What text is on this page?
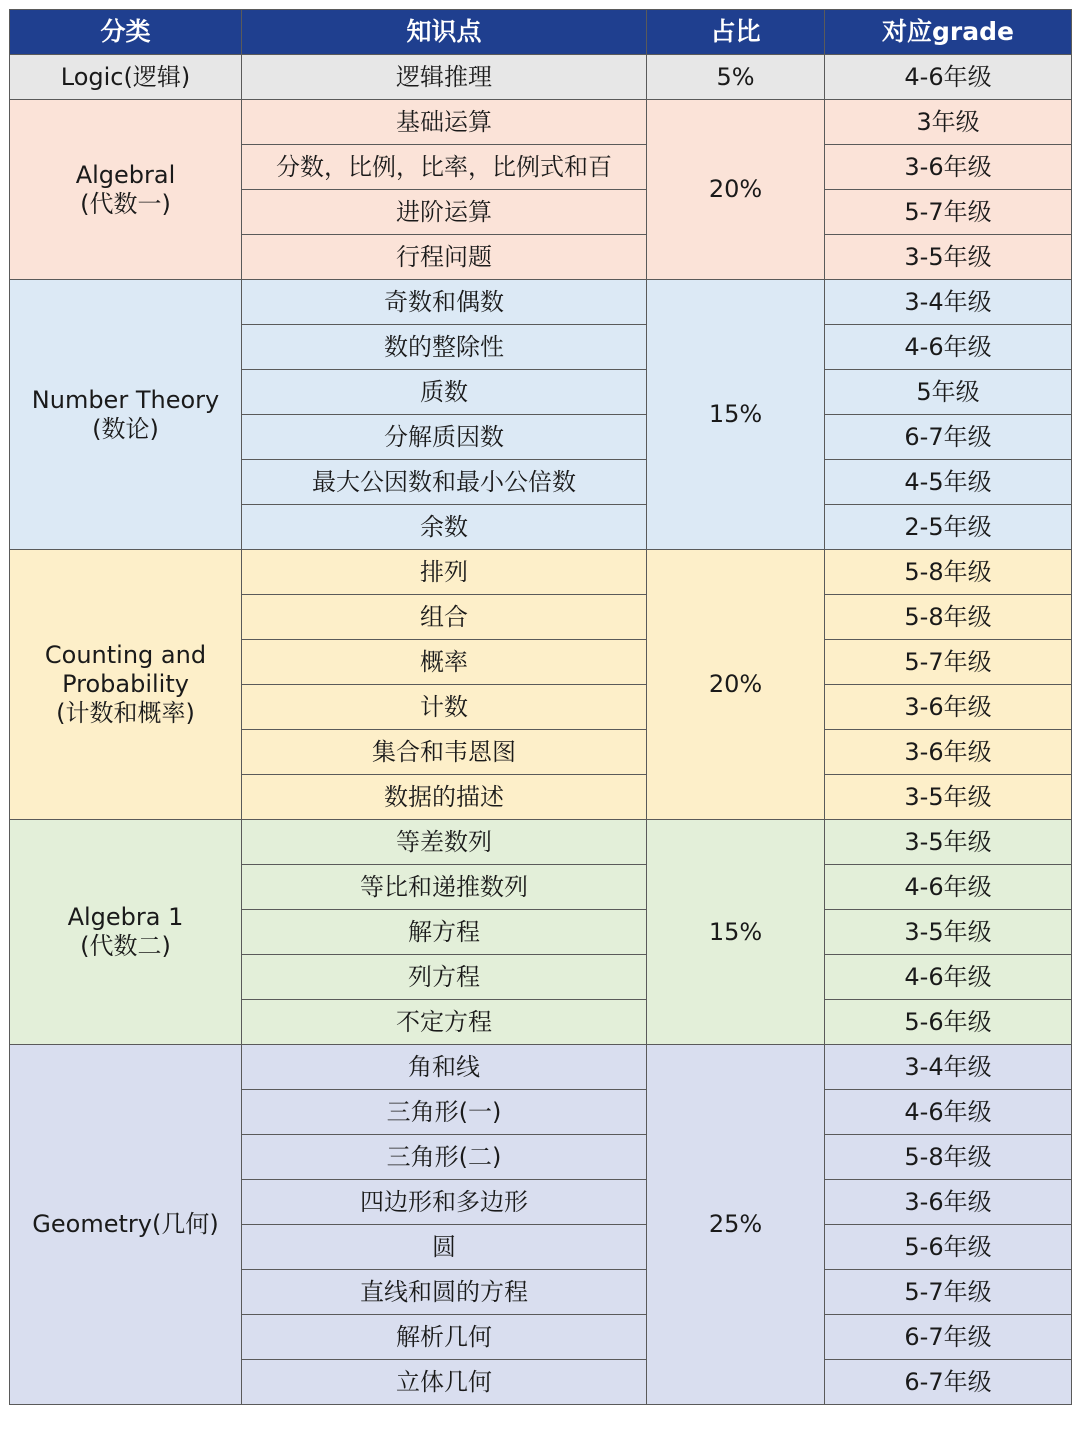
分类	知识点	占比	对应grade
Logic(逻辑)	逻辑推理	5%	4-6年级

Algebral
(代数一)	基础运算	20%	3年级
	分数，比例，比率，比例式和百		3-6年级
	进阶运算		5-7年级
	行程问题		3-5年级

Number Theory
(数论)	奇数和偶数	15%	3-4年级
	数的整除性		4-6年级
	质数		5年级
	分解质因数		6-7年级
	最大公因数和最小公倍数		4-5年级
	余数		2-5年级

Counting and Probability
(计数和概率)	排列	20%	5-8年级
	组合		5-8年级
	概率		5-7年级
	计数		3-6年级
	集合和韦恩图		3-6年级
	数据的描述		3-5年级

Algebra 1
(代数二)	等差数列	15%	3-5年级
	等比和递推数列		4-6年级
	解方程		3-5年级
	列方程		4-6年级
	不定方程		5-6年级
Geometry(几何)	角和线	25%	3-4年级
	三角形(一)		4-6年级
	三角形(二)		5-8年级
	四边形和多边形		3-6年级
	圆		5-6年级
	直线和圆的方程		5-7年级
	解析几何		6-7年级
	立体几何		6-7年级
